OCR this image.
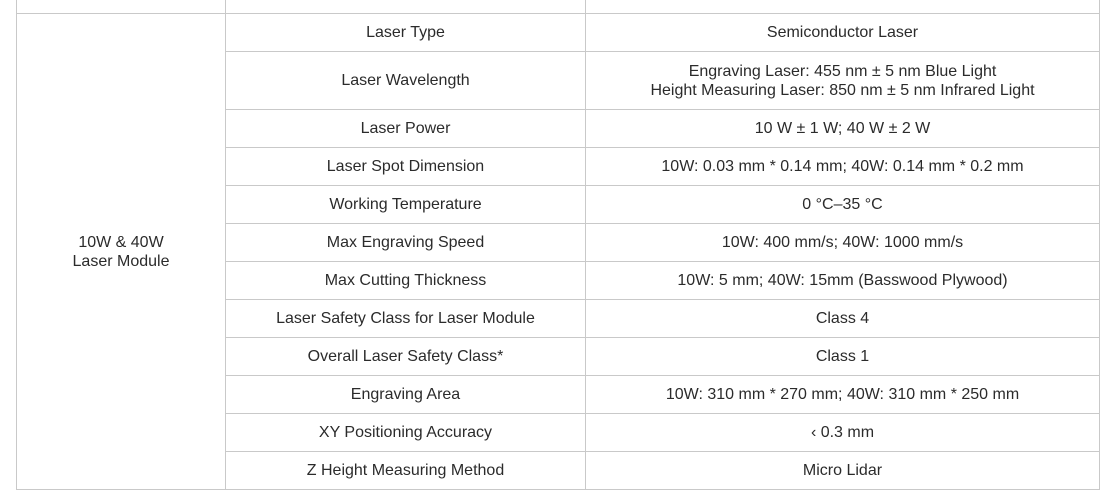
10W & 40W
Laser Module	Laser Type	Semiconductor Laser

	Laser Wavelength	Engraving Laser: 455 nm ± 5 nm Blue Light
Height Measuring Laser: 850 nm ± 5 nm Infrared Light

	Laser Power	10 W ± 1 W; 40 W ± 2 W

	Laser Spot Dimension	10W: 0.03 mm * 0.14 mm; 40W: 0.14 mm * 0.2 mm

	Working Temperature	0 °C–35 °C

	Max Engraving Speed	10W: 400 mm/s; 40W: 1000 mm/s

	Max Cutting Thickness	10W: 5 mm; 40W: 15mm (Basswood Plywood)

	Laser Safety Class for Laser Module	Class 4

	Overall Laser Safety Class*	Class 1

	Engraving Area	10W: 310 mm * 270 mm; 40W: 310 mm * 250 mm

	XY Positioning Accuracy	‹ 0.3 mm

	Z Height Measuring Method	Micro Lidar
